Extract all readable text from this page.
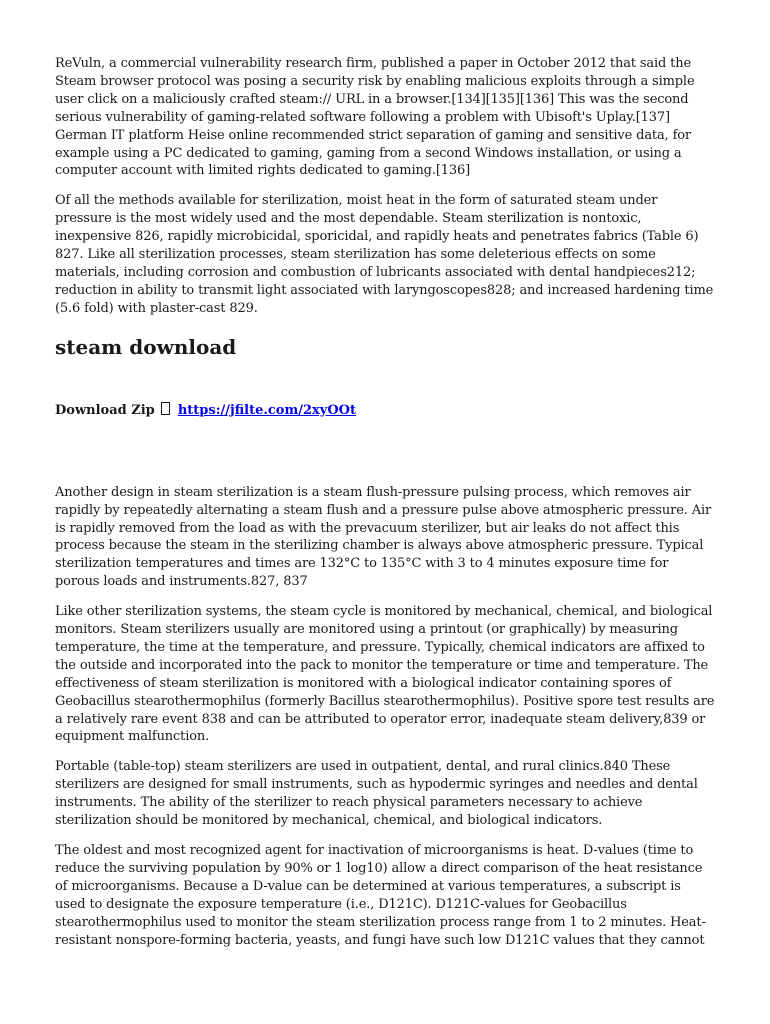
ReVuln, a commercial vulnerability research firm, published a paper in October 2012 that said the Steam browser protocol was posing a security risk by enabling malicious exploits through a simple user click on a maliciously crafted steam:// URL in a browser.[134][135][136] This was the second serious vulnerability of gaming-related software following a problem with Ubisoft's Uplay.[137] German IT platform Heise online recommended strict separation of gaming and sensitive data, for example using a PC dedicated to gaming, gaming from a second Windows installation, or using a computer account with limited rights dedicated to gaming.[136]

Of all the methods available for sterilization, moist heat in the form of saturated steam under pressure is the most widely used and the most dependable. Steam sterilization is nontoxic, inexpensive 826, rapidly microbicidal, sporicidal, and rapidly heats and penetrates fabrics (Table 6) 827. Like all sterilization processes, steam sterilization has some deleterious effects on some materials, including corrosion and combustion of lubricants associated with dental handpieces212; reduction in ability to transmit light associated with laryngoscopes828; and increased hardening time (5.6 fold) with plaster-cast 829.

steam download
Download Zip https://jfilte.com/2xyOOt

Another design in steam sterilization is a steam flush-pressure pulsing process, which removes air rapidly by repeatedly alternating a steam flush and a pressure pulse above atmospheric pressure. Air is rapidly removed from the load as with the prevacuum sterilizer, but air leaks do not affect this process because the steam in the sterilizing chamber is always above atmospheric pressure. Typical sterilization temperatures and times are 132°C to 135°C with 3 to 4 minutes exposure time for porous loads and instruments.827, 837

Like other sterilization systems, the steam cycle is monitored by mechanical, chemical, and biological monitors. Steam sterilizers usually are monitored using a printout (or graphically) by measuring temperature, the time at the temperature, and pressure. Typically, chemical indicators are affixed to the outside and incorporated into the pack to monitor the temperature or time and temperature. The effectiveness of steam sterilization is monitored with a biological indicator containing spores of Geobacillus stearothermophilus (formerly Bacillus stearothermophilus). Positive spore test results are a relatively rare event 838 and can be attributed to operator error, inadequate steam delivery,839 or equipment malfunction.

Portable (table-top) steam sterilizers are used in outpatient, dental, and rural clinics.840 These sterilizers are designed for small instruments, such as hypodermic syringes and needles and dental instruments. The ability of the sterilizer to reach physical parameters necessary to achieve sterilization should be monitored by mechanical, chemical, and biological indicators.

The oldest and most recognized agent for inactivation of microorganisms is heat. D-values (time to reduce the surviving population by 90% or 1 log10) allow a direct comparison of the heat resistance of microorganisms. Because a D-value can be determined at various temperatures, a subscript is used to designate the exposure temperature (i.e., D121C). D121C-values for Geobacillus stearothermophilus used to monitor the steam sterilization process range from 1 to 2 minutes. Heat-resistant nonspore-forming bacteria, yeasts, and fungi have such low D121C values that they cannot
